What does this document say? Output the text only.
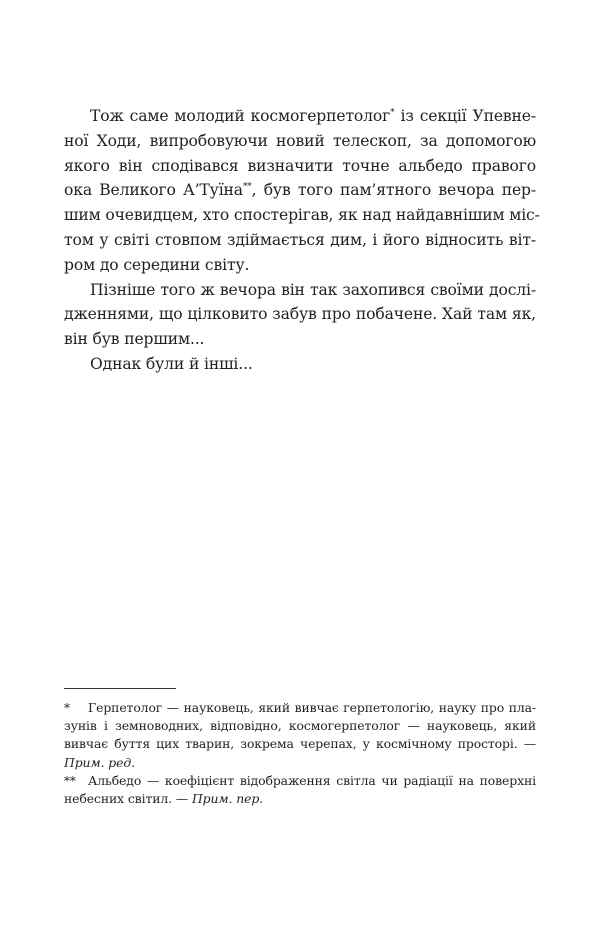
Тож саме молодий космогерпетолог* із секції Упевне-
ної Ходи, випробовуючи новий телескоп, за допомогою
якого він сподівався визначити точне альбедо правого
ока Великого А’Туїна**, був того пам’ятного вечора пер-
шим очевидцем, хто спостерігав, як над найдавнішим міс-
том у світі стовпом здіймається дим, і його відносить віт-
ром до середини світу.

Пізніше того ж вечора він так захопився своїми дослі-
дженнями, що цілковито забув про побачене. Хай там як,
він був першим...

Однак були й інші...

*	Герпетолог — науковець, який вивчає герпетологію, науку про пла-
зунів і земноводних, відповідно, космогерпетолог — науковець, який
вивчає буття цих тварин, зокрема черепах, у космічному просторі. —
Прим. ред.
** Альбедо — коефіцієнт відображення світла чи радіації на поверхні
небесних світил. — Прим. пер.
